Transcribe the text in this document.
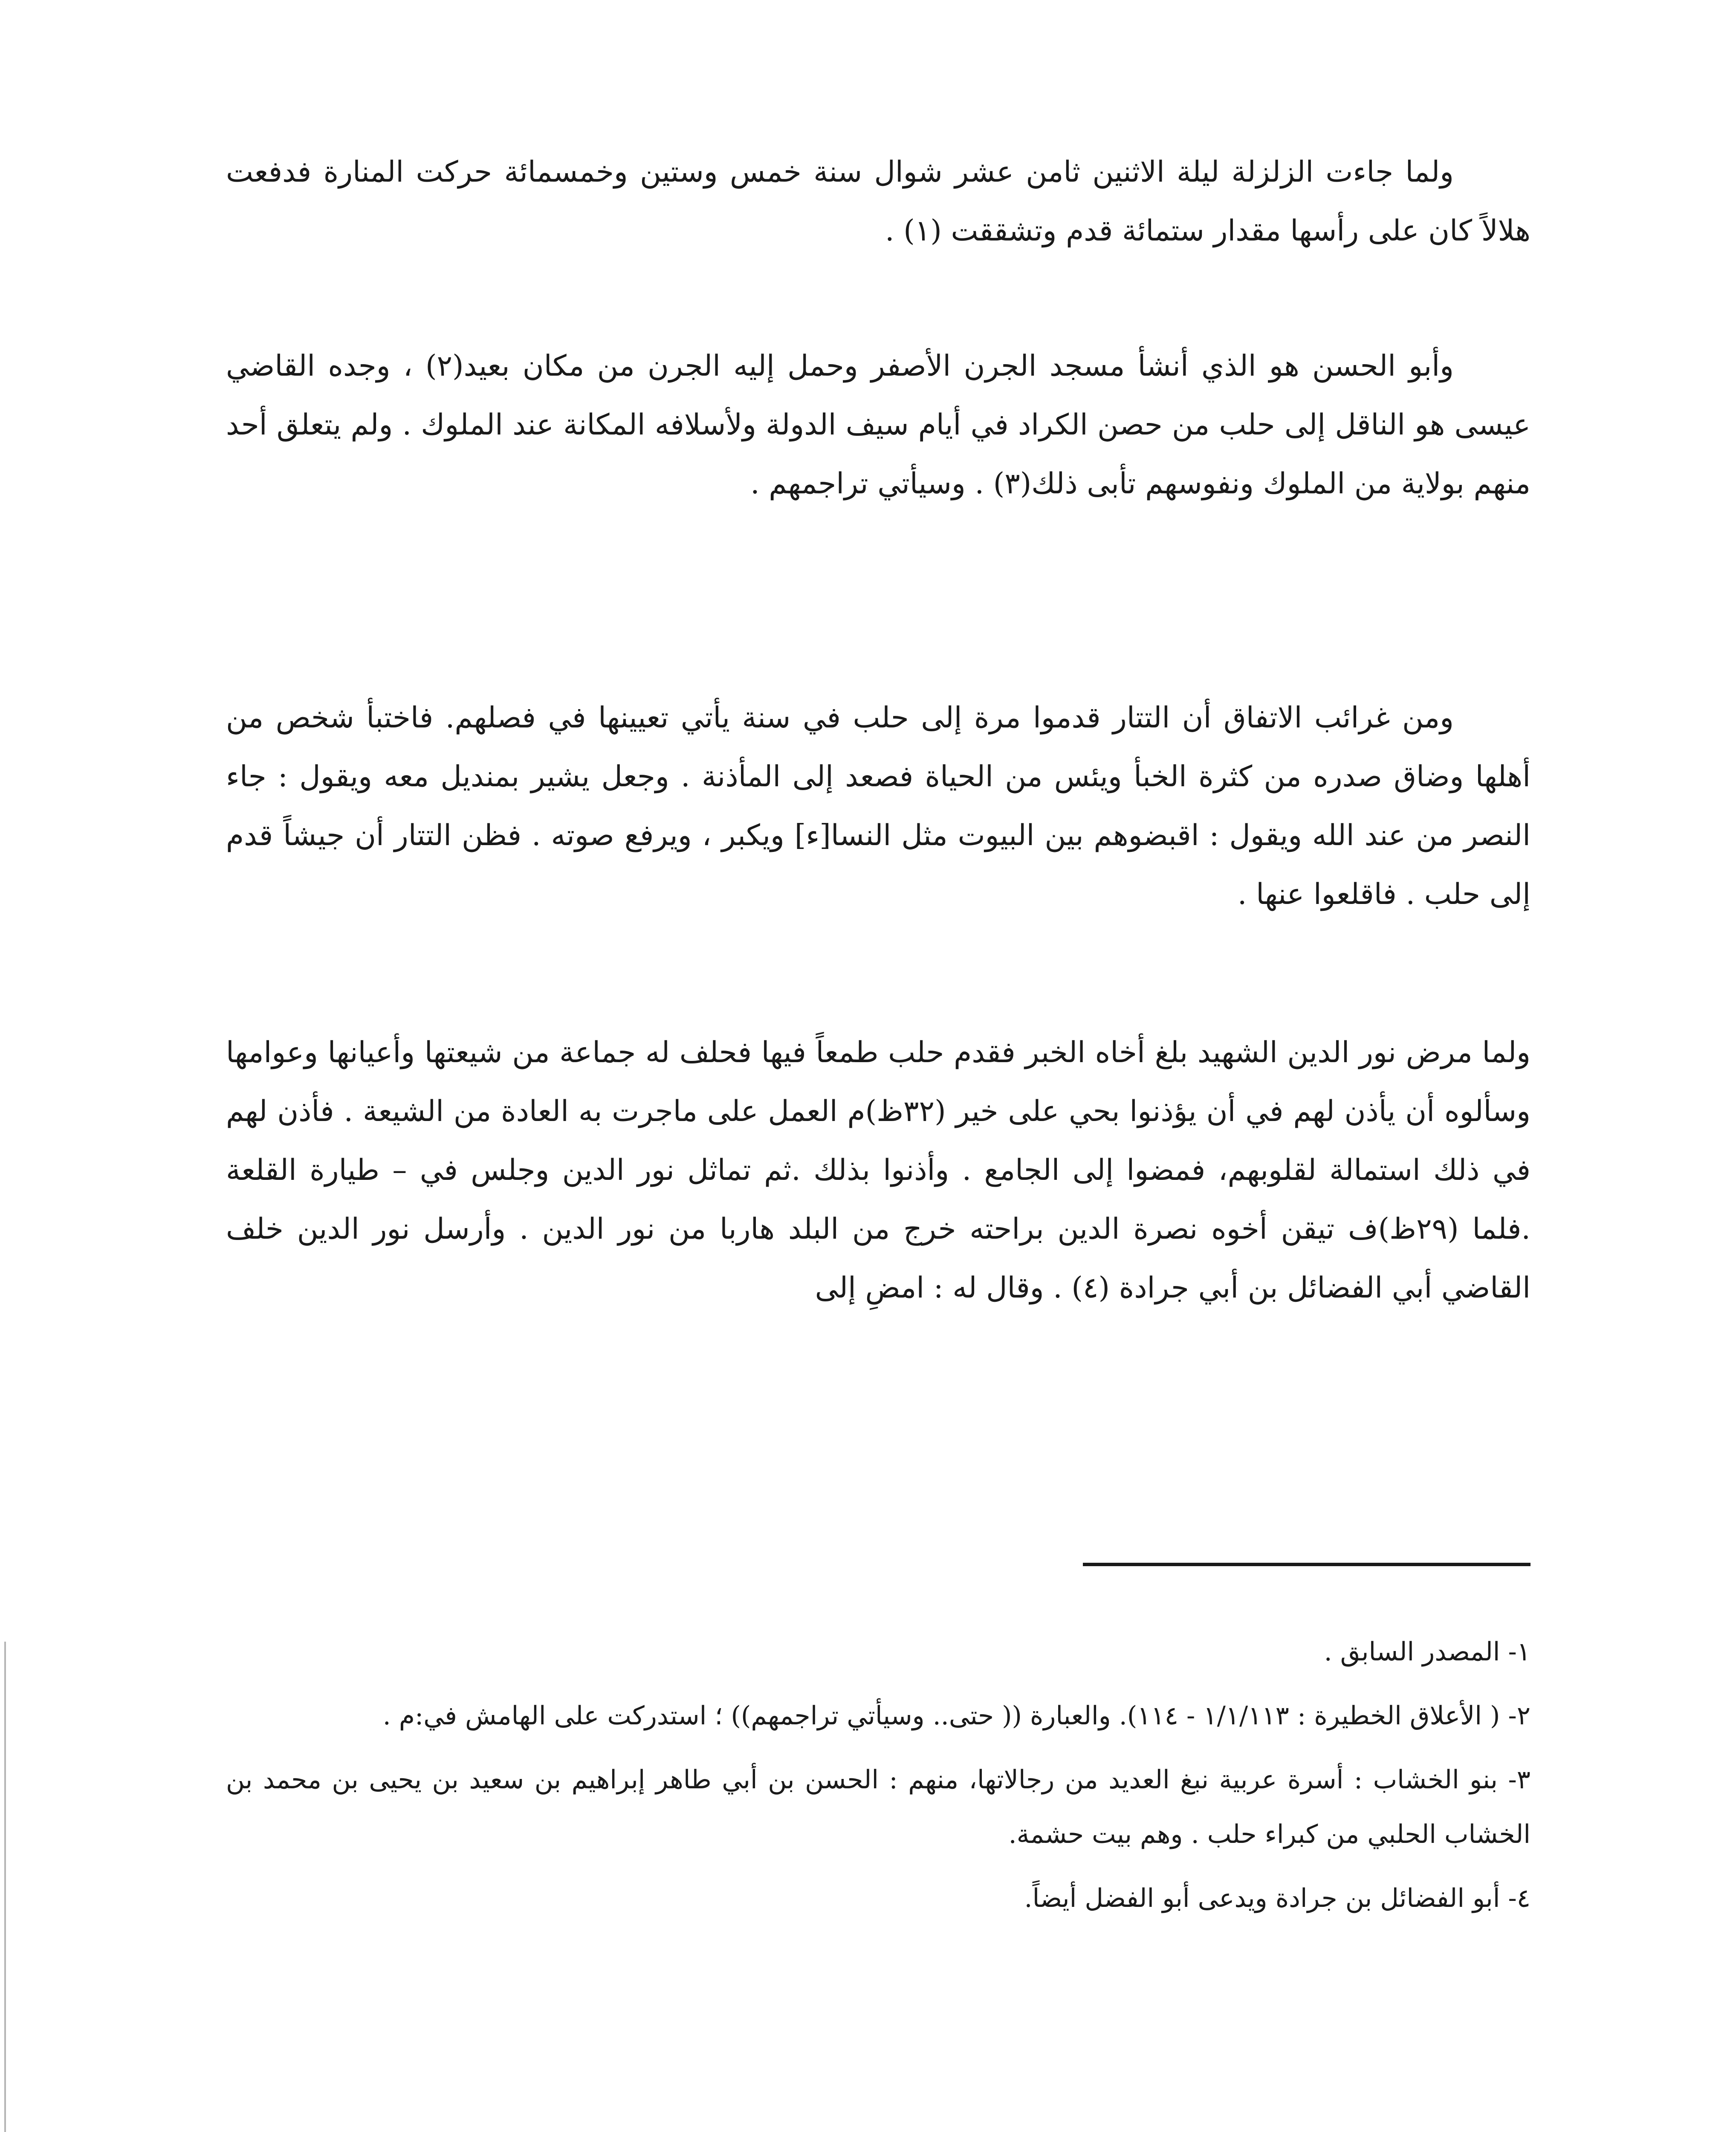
ولما جاءت الزلزلة ليلة الاثنين ثامن عشر شوال سنة خمس وستين وخمسمائة حركت المنارة فدفعت هلالاً كان على رأسها مقدار ستمائة قدم وتشققت (١) .

وأبو الحسن هو الذي أنشأ مسجد الجرن الأصفر وحمل إليه الجرن من مكان بعيد(٢) ، وجده القاضي عيسى هو الناقل إلى حلب من حصن الكراد في أيام سيف الدولة ولأسلافه المكانة عند الملوك . ولم يتعلق أحد منهم بولاية من الملوك ونفوسهم تأبى ذلك(٣) . وسيأتي تراجمهم .

ومن غرائب الاتفاق أن التتار قدموا مرة إلى حلب في سنة يأتي تعيينها في فصلهم. فاختبأ شخص من أهلها وضاق صدره من كثرة الخبأ ويئس من الحياة فصعد إلى المأذنة . وجعل يشير بمنديل معه ويقول : جاء النصر من عند الله ويقول : اقبضوهم بين البيوت مثل النسا[ء] ويكبر ، ويرفع صوته . فظن التتار أن جيشاً قدم إلى حلب . فاقلعوا عنها .

ولما مرض نور الدين الشهيد بلغ أخاه الخبر فقدم حلب طمعاً فيها فحلف له جماعة من شيعتها وأعيانها وعوامها وسألوه أن يأذن لهم في أن يؤذنوا بحي على خير (٣٢ظ)م العمل على ماجرت به العادة من الشيعة . فأذن لهم في ذلك استمالة لقلوبهم، فمضوا إلى الجامع . وأذنوا بذلك .ثم تماثل نور الدين وجلس في – طيارة القلعة .فلما (٢٩ظ)ف تيقن أخوه نصرة الدين براحته خرج من البلد هاربا من نور الدين . وأرسل نور الدين خلف القاضي أبي الفضائل بن أبي جرادة (٤) . وقال له : امضِ إلى

١- المصدر السابق .

٢- ( الأعلاق الخطيرة : ١/١/١١٣ - ١١٤). والعبارة (( حتى.. وسيأتي تراجمهم)) ؛ استدركت على الهامش في:م .

٣- بنو الخشاب : أسرة عربية نبغ العديد من رجالاتها، منهم : الحسن بن أبي طاهر إبراهيم بن سعيد بن يحيى بن محمد بن الخشاب الحلبي من كبراء حلب . وهم بيت حشمة.

٤- أبو الفضائل بن جرادة ويدعى أبو الفضل أيضاً.
